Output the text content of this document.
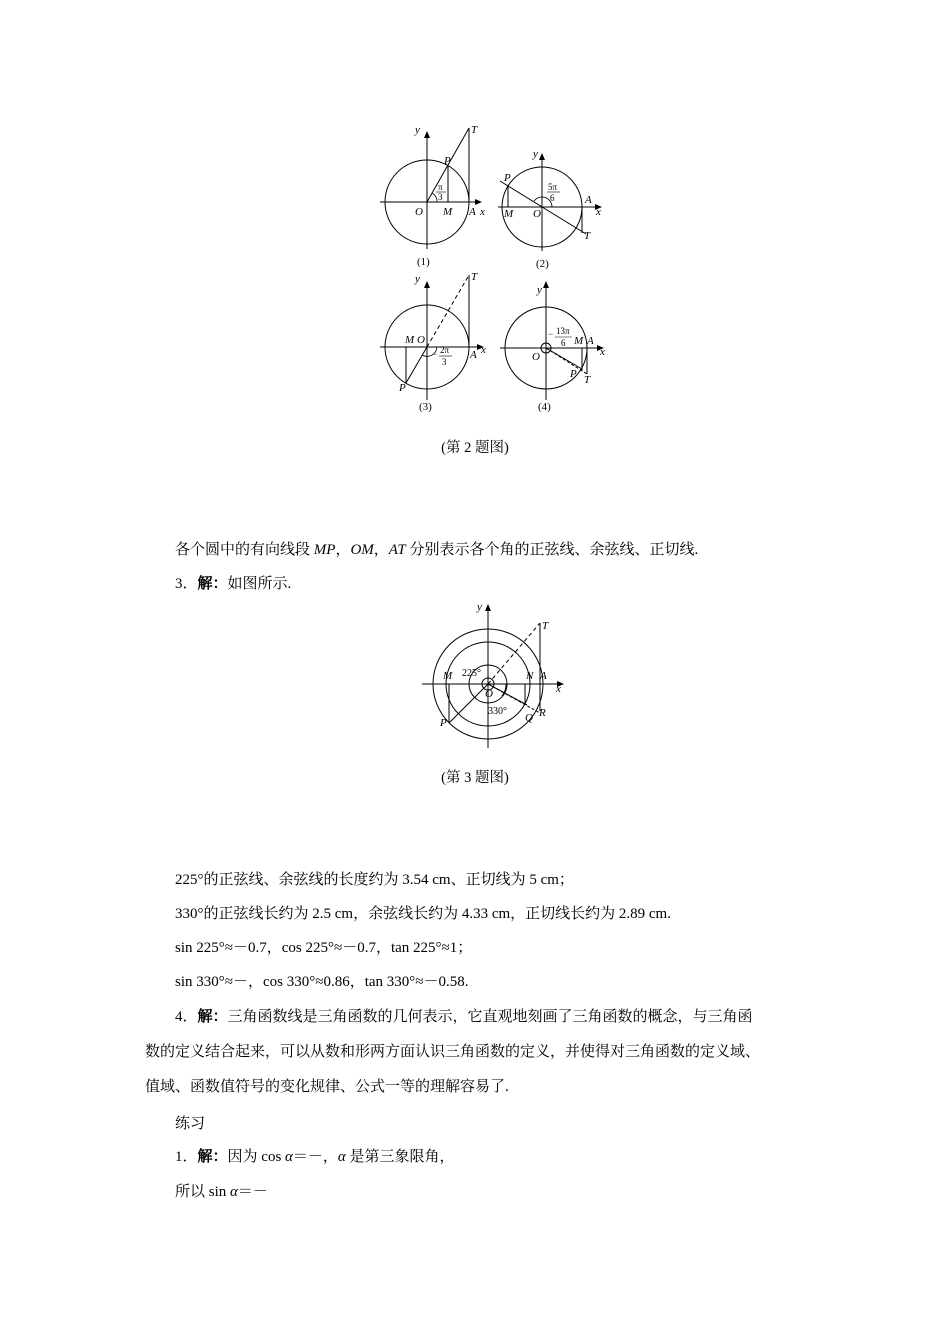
y	T
P
O M A x
π
3
(1)
y
P
M O
A
x
T
5π
6
(2)
y	T
M O
A x
P
− 2π
3
(3)
y
O
M A
x
P T
− 13π
6
(4)
(第 2 题图)
各个圆中的有向线段 MP，OM，AT 分别表示各个角的正弦线、余弦线、正切线.
3．解：如图所示.
y
T
M	N A
x
O
P	Q R
225°
330°
(第 3 题图)
225°的正弦线、余弦线的长度约为 3.54 cm、正切线为 5 cm；
330°的正弦线长约为 2.5 cm，余弦线长约为 4.33 cm，正切线长约为 2.89 cm.
sin 225°≈－0.7，cos 225°≈－0.7，tan 225°≈1；
sin 330°≈－，cos 330°≈0.86，tan 330°≈－0.58.
4．解：三角函数线是三角函数的几何表示，它直观地刻画了三角函数的概念，与三角函
数的定义结合起来，可以从数和形两方面认识三角函数的定义，并使得对三角函数的定义域、
值域、函数值符号的变化规律、公式一等的理解容易了.
练习
1．解：因为 cos α＝－，α 是第三象限角，
所以 sin α＝－
